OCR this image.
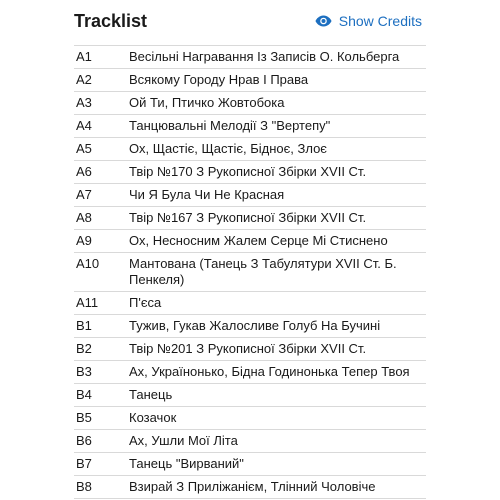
Tracklist	Show Credits
A1	Весільні Награвання Із Записів О. Кольберга
A2	Всякому Городу Нрав І Права
A3	Ой Ти, Птичко Жовтобока
A4	Танцювальні Мелодії З "Вертепу"
A5	Ох, Щастіє, Щастіє, Бідноє, Злоє
A6	Твір №170 З Рукописної Збірки XVII Ст.
A7	Чи Я Була Чи Не Красная
A8	Твір №167 З Рукописної Збірки XVII Ст.
A9	Ох, Несносним Жалем Серце Мі Стиснено
A10	Мантована (Танець З Табулятури XVII Ст. Б. Пенкеля)
A11	П'єса
B1	Тужив, Гукав Жалосливе Голуб На Бучині
B2	Твір №201 З Рукописної Збірки XVII Ст.
B3	Ах, Українонько, Бідна Годинонька Тепер Твоя
B4	Танець
B5	Козачок
B6	Ах, Ушли Мої Літа
B7	Танець "Вирваний"
B8	Взирай З Приліжанієм, Тлінний Чоловіче
